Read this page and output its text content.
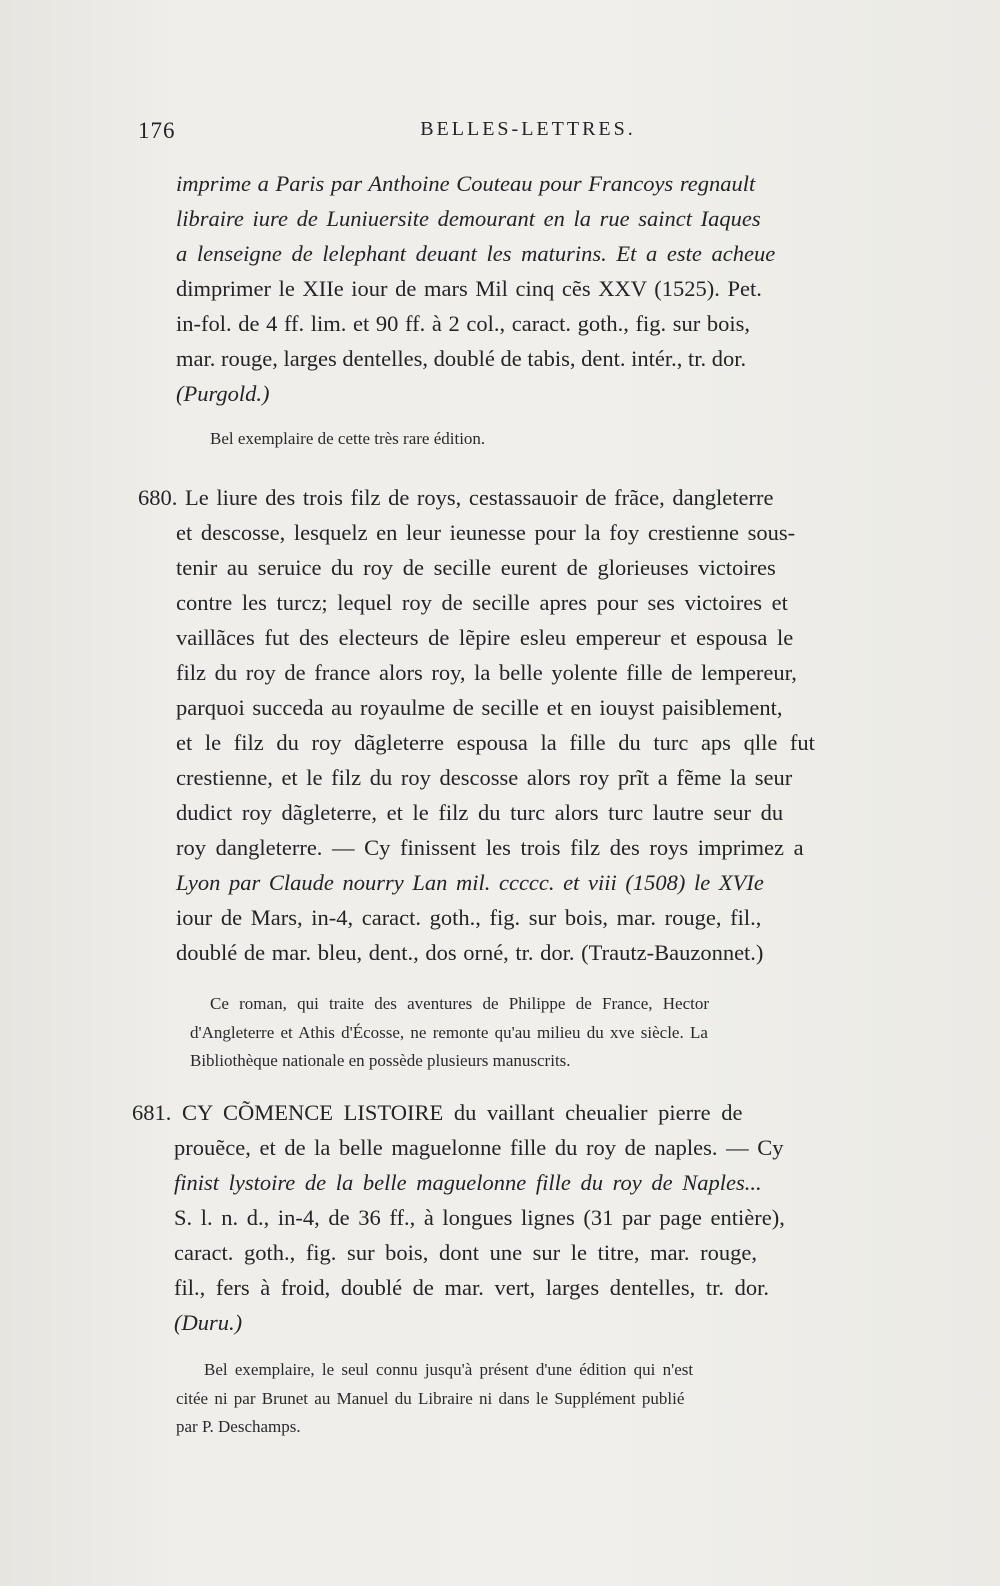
176	BELLES-LETTRES.
imprime a Paris par Anthoine Couteau pour Francoys regnault
libraire iure de Luniuersite demourant en la rue sainct Iaques
a lenseigne de lelephant deuant les maturins. Et a este acheue
dimprimer le XIIe iour de mars Mil cinq cẽs XXV (1525). Pet.
in-fol. de 4 ff. lim. et 90 ff. à 2 col., caract. goth., fig. sur bois,
mar. rouge, larges dentelles, doublé de tabis, dent. intér., tr. dor.
(Purgold.)
Bel exemplaire de cette très rare édition.
680. Le liure des trois filz de roys, cestassauoir de frãce, dangleterre
et descosse, lesquelz en leur ieunesse pour la foy crestienne sous-
tenir au seruice du roy de secille eurent de glorieuses victoires
contre les turcz; lequel roy de secille apres pour ses victoires et
vaillãces fut des electeurs de lẽpire esleu empereur et espousa le
filz du roy de france alors roy, la belle yolente fille de lempereur,
parquoi succeda au royaulme de secille et en iouyst paisiblement,
et le filz du roy dãgleterre espousa la fille du turc aps qlle fut
crestienne, et le filz du roy descosse alors roy prĩt a fẽme la seur
dudict roy dãgleterre, et le filz du turc alors turc lautre seur du
roy dangleterre. — Cy finissent les trois filz des roys imprimez a
Lyon par Claude nourry Lan mil. ccccc. et viii (1508) le XVIe
iour de Mars, in-4, caract. goth., fig. sur bois, mar. rouge, fil.,
doublé de mar. bleu, dent., dos orné, tr. dor. (Trautz-Bauzonnet.)
Ce roman, qui traite des aventures de Philippe de France, Hector
d'Angleterre et Athis d'Écosse, ne remonte qu'au milieu du xve siècle. La
Bibliothèque nationale en possède plusieurs manuscrits.
681. CY CÕMENCE LISTOIRE du vaillant cheualier pierre de
prouẽce, et de la belle maguelonne fille du roy de naples. — Cy
finist lystoire de la belle maguelonne fille du roy de Naples...
S. l. n. d., in-4, de 36 ff., à longues lignes (31 par page entière),
caract. goth., fig. sur bois, dont une sur le titre, mar. rouge,
fil., fers à froid, doublé de mar. vert, larges dentelles, tr. dor.
(Duru.)
Bel exemplaire, le seul connu jusqu'à présent d'une édition qui n'est
citée ni par Brunet au Manuel du Libraire ni dans le Supplément publié
par P. Deschamps.
